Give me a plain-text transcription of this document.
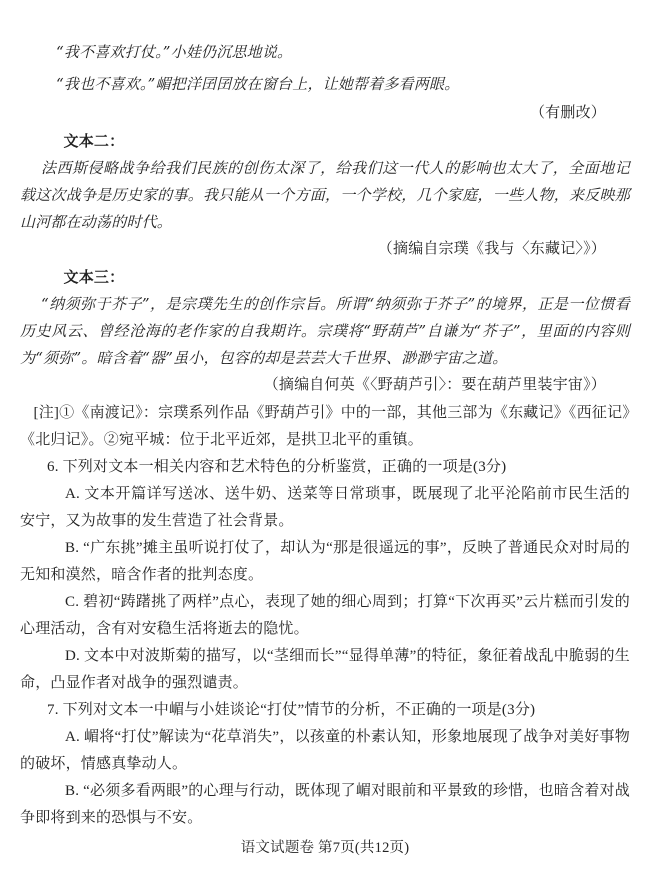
“我不喜欢打仗。”小娃仍沉思地说。

“我也不喜欢。”嵋把洋囝囝放在窗台上，让她帮着多看两眼。

（有删改）

文本二：

法西斯侵略战争给我们民族的创伤太深了，给我们这一代人的影响也太大了，全面地记载这次战争是历史家的事。我只能从一个方面，一个学校，几个家庭，一些人物，来反映那山河都在动荡的时代。

（摘编自宗璞《我与〈东藏记〉》）

文本三：

“纳须弥于芥子”，是宗璞先生的创作宗旨。所谓“纳须弥于芥子”的境界，正是一位惯看历史风云、曾经沧海的老作家的自我期许。宗璞将“野葫芦”自谦为“芥子”，里面的内容则为“须弥”。暗含着“器”虽小，包容的却是芸芸大千世界、渺渺宇宙之道。

（摘编自何英《〈野葫芦引〉：要在葫芦里装宇宙》）

[注]①《南渡记》：宗璞系列作品《野葫芦引》中的一部，其他三部为《东藏记》《西征记》《北归记》。②宛平城：位于北平近郊，是拱卫北平的重镇。

6. 下列对文本一相关内容和艺术特色的分析鉴赏，正确的一项是(3分)

A. 文本开篇详写送冰、送牛奶、送菜等日常琐事，既展现了北平沦陷前市民生活的安宁，又为故事的发生营造了社会背景。

B. “广东挑”摊主虽听说打仗了，却认为“那是很遥远的事”，反映了普通民众对时局的无知和漠然，暗含作者的批判态度。

C. 碧初“踌躇挑了两样”点心，表现了她的细心周到；打算“下次再买”云片糕而引发的心理活动，含有对安稳生活将逝去的隐忧。

D. 文本中对波斯菊的描写，以“茎细而长”“显得单薄”的特征，象征着战乱中脆弱的生命，凸显作者对战争的强烈谴责。

7. 下列对文本一中嵋与小娃谈论“打仗”情节的分析，不正确的一项是(3分)

A. 嵋将“打仗”解读为“花草消失”，以孩童的朴素认知，形象地展现了战争对美好事物的破坏，情感真挚动人。

B. “必须多看两眼”的心理与行动，既体现了嵋对眼前和平景致的珍惜，也暗含着对战争即将到来的恐惧与不安。

语文试题卷 第7页(共12页)
